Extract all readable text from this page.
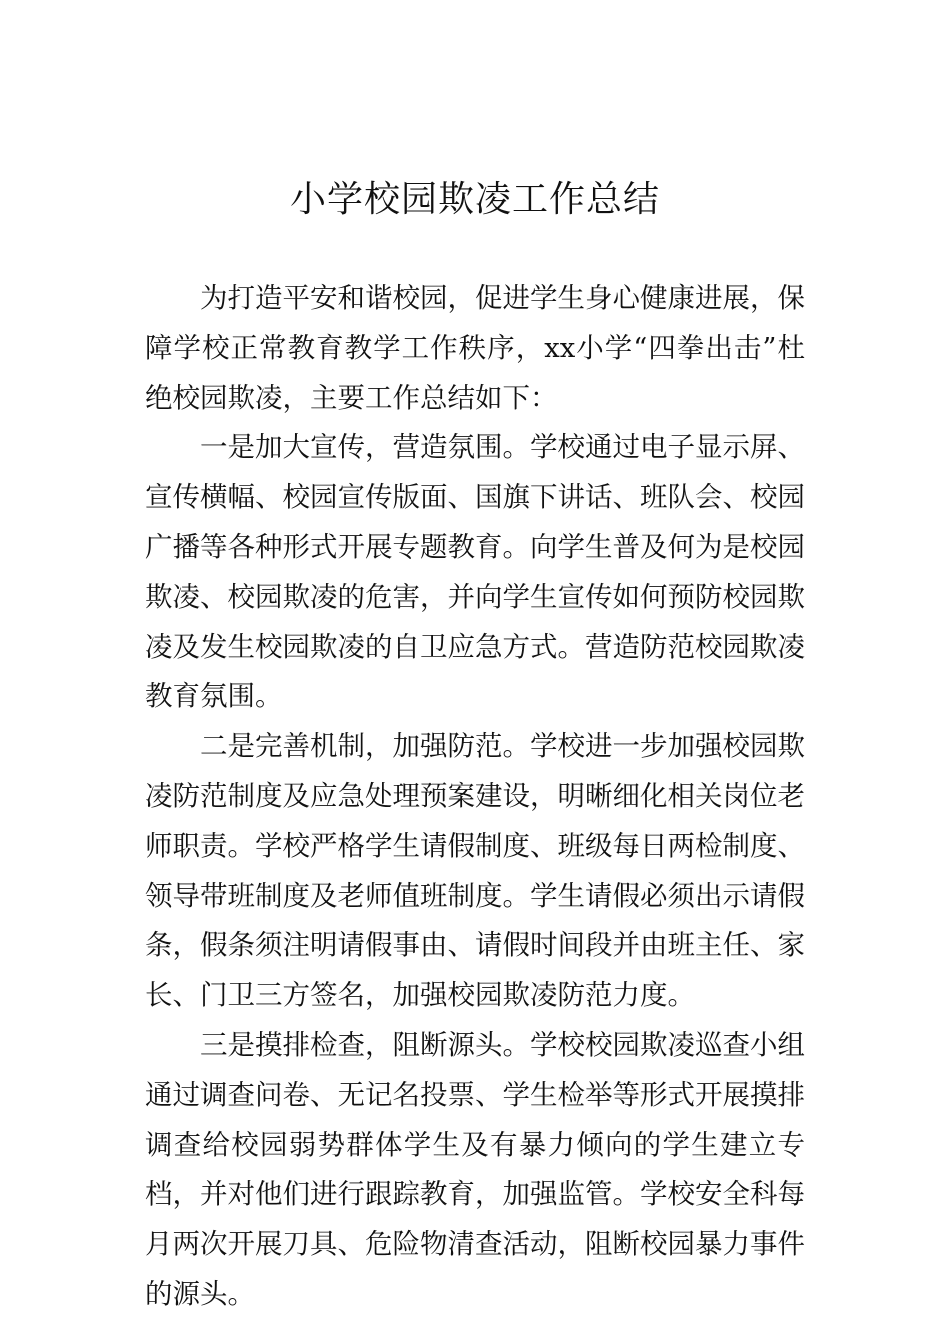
小学校园欺凌工作总结

为打造平安和谐校园，促进学生身心健康进展，保障学校正常教育教学工作秩序，xx小学“四拳出击”杜绝校园欺凌，主要工作总结如下：

一是加大宣传，营造氛围。学校通过电子显示屏、宣传横幅、校园宣传版面、国旗下讲话、班队会、校园广播等各种形式开展专题教育。向学生普及何为是校园欺凌、校园欺凌的危害，并向学生宣传如何预防校园欺凌及发生校园欺凌的自卫应急方式。营造防范校园欺凌教育氛围。

二是完善机制，加强防范。学校进一步加强校园欺凌防范制度及应急处理预案建设，明晰细化相关岗位老师职责。学校严格学生请假制度、班级每日两检制度、领导带班制度及老师值班制度。学生请假必须出示请假条，假条须注明请假事由、请假时间段并由班主任、家长、门卫三方签名，加强校园欺凌防范力度。

三是摸排检查，阻断源头。学校校园欺凌巡查小组通过调查问卷、无记名投票、学生检举等形式开展摸排调查给校园弱势群体学生及有暴力倾向的学生建立专档，并对他们进行跟踪教育，加强监管。学校安全科每月两次开展刀具、危险物清查活动，阻断校园暴力事件的源头。
